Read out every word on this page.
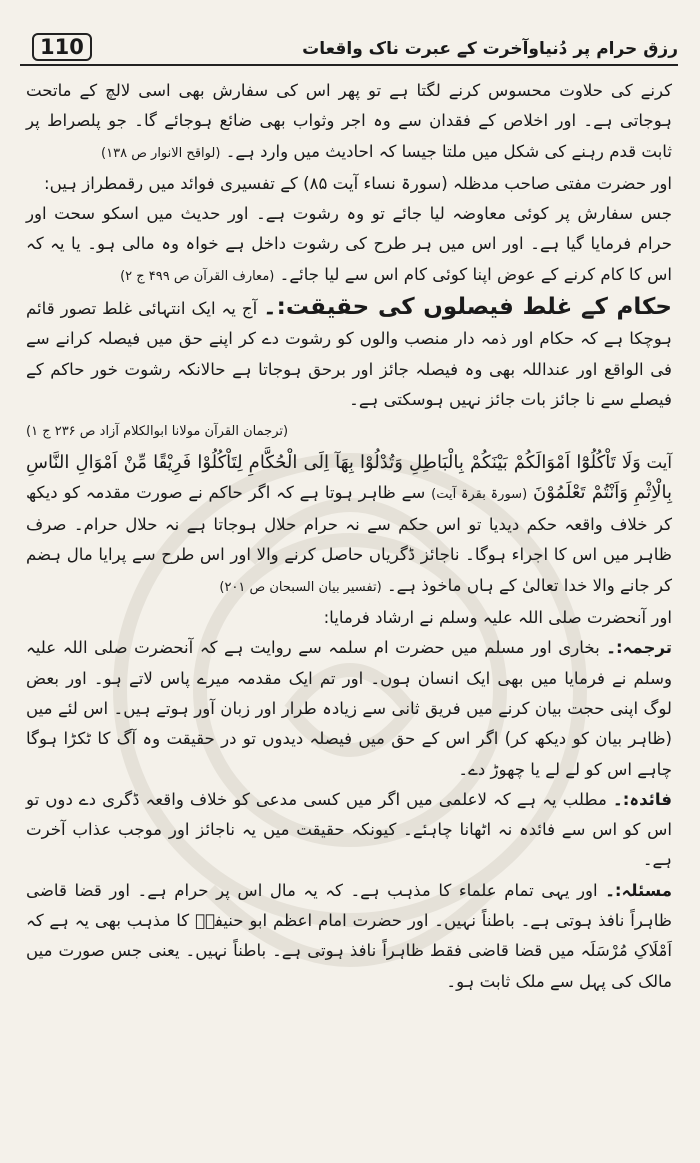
110	رزق حرام پر دُنیاوآخرت کے عبرت ناک واقعات

کرنے کی حلاوت محسوس کرنے لگتا ہے تو پھر اس کی سفارش بھی اسی لالچ کے ماتحت ہوجاتی ہے۔ اور اخلاص کے فقدان سے وہ اجر وثواب بھی ضائع ہوجائے گا۔ جو پلصراط پر ثابت قدم رہنے کی شکل میں ملتا جیسا کہ احادیث میں وارد ہے۔ (لواقح الانوار ص ۱۳۸)

اور حضرت مفتی صاحب مدظلہ (سورۃ نساء آیت ۸۵) کے تفسیری فوائد میں رقمطراز ہیں:

جس سفارش پر کوئی معاوضہ لیا جائے تو وہ رشوت ہے۔ اور حدیث میں اسکو سحت اور حرام فرمایا گیا ہے۔ اور اس میں ہر طرح کی رشوت داخل ہے خواہ وہ مالی ہو۔ یا یہ کہ اس کا کام کرنے کے عوض اپنا کوئی کام اس سے لیا جائے۔ (معارف القرآن ص ۴۹۹ ج ۲)

حکام کے غلط فیصلوں کی حقیقت:۔ آج یہ ایک انتہائی غلط تصور قائم ہوچکا ہے کہ حکام اور ذمہ دار منصب والوں کو رشوت دے کر اپنے حق میں فیصلہ کرانے سے فی الواقع اور عنداللہ بھی وہ فیصلہ جائز اور برحق ہوجاتا ہے حالانکہ رشوت خور حاکم کے فیصلے سے نا جائز بات جائز نہیں ہوسکتی ہے۔

(ترجمان القرآن مولانا ابوالکلام آزاد ص ۲۳۶ ج ۱)

آیت وَلَا تَاْكُلُوْٓا اَمْوَالَكُمْ بَيْنَكُمْ بِالْبَاطِلِ وَتُدْلُوْا بِهَآ اِلَى الْحُكَّامِ لِتَاْكُلُوْا فَرِيْقًا مِّنْ اَمْوَالِ النَّاسِ بِالْاِثْمِ وَاَنْتُمْ تَعْلَمُوْنَ (سورۃ بقرۃ آیت) سے ظاہر ہوتا ہے کہ اگر حاکم نے صورت مقدمہ کو دیکھ کر خلاف واقعہ حکم دیدیا تو اس حکم سے نہ حرام حلال ہوجاتا ہے نہ حلال حرام۔ صرف ظاہر میں اس کا اجراء ہوگا۔ ناجائز ڈگریاں حاصل کرنے والا اور اس طرح سے پرایا مال ہضم کر جانے والا خدا تعالیٰ کے ہاں ماخوذ ہے۔ (تفسیر بیان السبحان ص ۲۰۱)

اور آنحضرت صلی اللہ علیہ وسلم نے ارشاد فرمایا:

ترجمہ:۔ بخاری اور مسلم میں حضرت ام سلمہ سے روایت ہے کہ آنحضرت صلی اللہ علیہ وسلم نے فرمایا میں بھی ایک انسان ہوں۔ اور تم ایک مقدمہ میرے پاس لاتے ہو۔ اور بعض لوگ اپنی حجت بیان کرنے میں فریق ثانی سے زیادہ طرار اور زبان آور ہوتے ہیں۔ اس لئے میں (ظاہر بیان کو دیکھ کر) اگر اس کے حق میں فیصلہ دیدوں تو در حقیقت وہ آگ کا ٹکڑا ہوگا چاہے اس کو لے لے یا چھوڑ دے۔

فائدہ:۔ مطلب یہ ہے کہ لاعلمی میں اگر میں کسی مدعی کو خلاف واقعہ ڈگری دے دوں تو اس کو اس سے فائدہ نہ اٹھانا چاہئے۔ کیونکہ حقیقت میں یہ ناجائز اور موجب عذاب آخرت ہے۔

مسئلہ:۔ اور یہی تمام علماء کا مذہب ہے۔ کہ یہ مال اس پر حرام ہے۔ اور قضا قاضی ظاہراً نافذ ہوتی ہے۔ باطناً نہیں۔ اور حضرت امام اعظم ابو حنیفہؒ کا مذہب بھی یہ ہے کہ اَمْلَاکِ مُرْسَلَہ میں قضا قاضی فقط ظاہراً نافذ ہوتی ہے۔ باطناً نہیں۔ یعنی جس صورت میں مالک کی پہل سے ملک ثابت ہو۔
